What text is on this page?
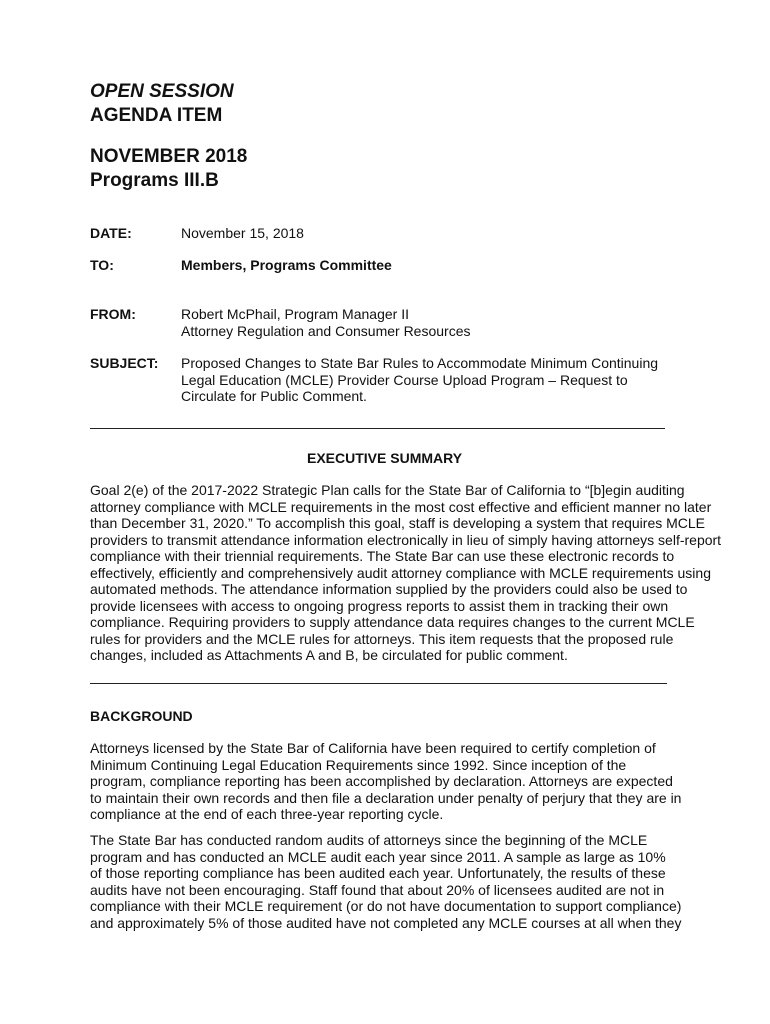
OPEN SESSION
AGENDA ITEM
NOVEMBER 2018
Programs III.B
DATE:	November 15, 2018
TO:	Members, Programs Committee
FROM:	Robert McPhail, Program Manager II
Attorney Regulation and Consumer Resources
SUBJECT: Proposed Changes to State Bar Rules to Accommodate Minimum Continuing
Legal Education (MCLE) Provider Course Upload Program – Request to
Circulate for Public Comment.
EXECUTIVE SUMMARY
Goal 2(e) of the 2017-2022 Strategic Plan calls for the State Bar of California to “[b]egin auditing
attorney compliance with MCLE requirements in the most cost effective and efficient manner no later
than December 31, 2020.” To accomplish this goal, staff is developing a system that requires MCLE
providers to transmit attendance information electronically in lieu of simply having attorneys self-report
compliance with their triennial requirements. The State Bar can use these electronic records to
effectively, efficiently and comprehensively audit attorney compliance with MCLE requirements using
automated methods. The attendance information supplied by the providers could also be used to
provide licensees with access to ongoing progress reports to assist them in tracking their own
compliance. Requiring providers to supply attendance data requires changes to the current MCLE
rules for providers and the MCLE rules for attorneys. This item requests that the proposed rule
changes, included as Attachments A and B, be circulated for public comment.
BACKGROUND
Attorneys licensed by the State Bar of California have been required to certify completion of
Minimum Continuing Legal Education Requirements since 1992. Since inception of the
program, compliance reporting has been accomplished by declaration. Attorneys are expected
to maintain their own records and then file a declaration under penalty of perjury that they are in
compliance at the end of each three-year reporting cycle.
The State Bar has conducted random audits of attorneys since the beginning of the MCLE
program and has conducted an MCLE audit each year since 2011. A sample as large as 10%
of those reporting compliance has been audited each year. Unfortunately, the results of these
audits have not been encouraging. Staff found that about 20% of licensees audited are not in
compliance with their MCLE requirement (or do not have documentation to support compliance)
and approximately 5% of those audited have not completed any MCLE courses at all when they
